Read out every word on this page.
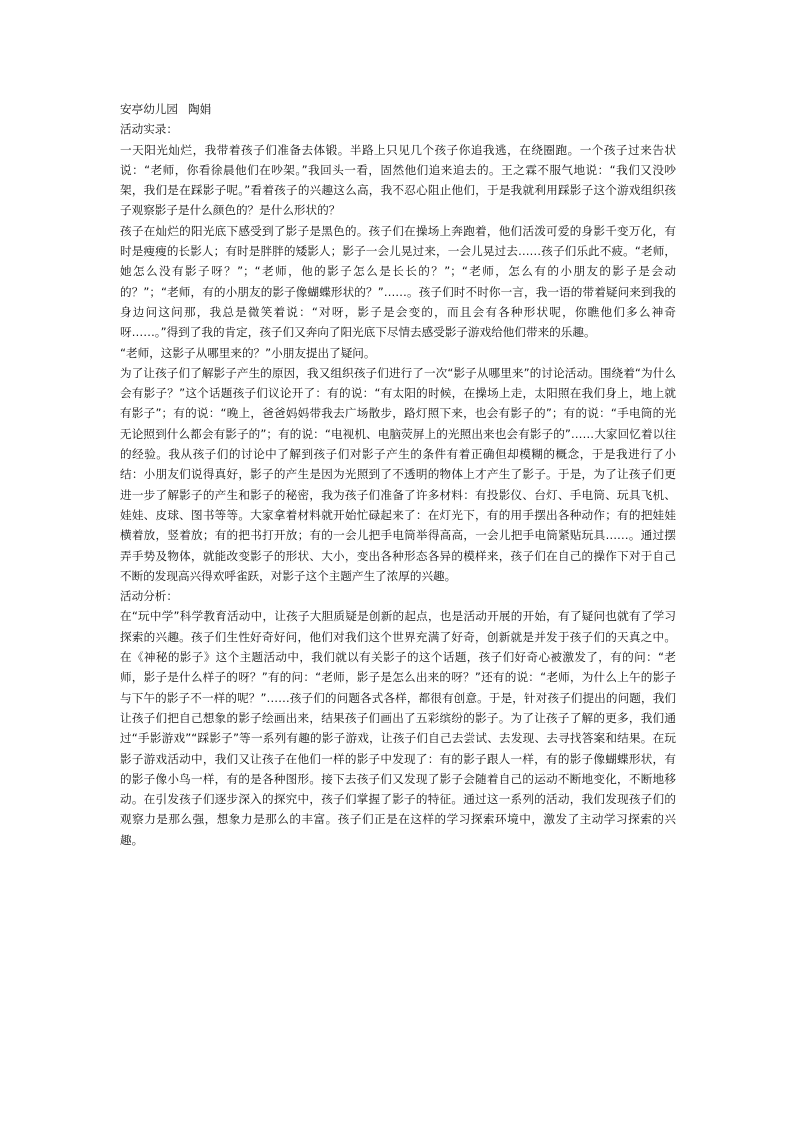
安亭幼儿园 陶娟

活动实录：

一天阳光灿烂，我带着孩子们准备去体锻。半路上只见几个孩子你追我逃，在绕圈跑。一个孩子过来告状说：“老师，你看徐晨他们在吵架。”我回头一看，固然他们追来追去的。王之霖不服气地说：“我们又没吵架，我们是在踩影子呢。”看着孩子的兴趣这么高，我不忍心阻止他们，于是我就利用踩影子这个游戏组织孩子观察影子是什么颜色的？是什么形状的？

孩子在灿烂的阳光底下感受到了影子是黑色的。孩子们在操场上奔跑着，他们活泼可爱的身影千变万化，有时是瘦瘦的长影人；有时是胖胖的矮影人；影子一会儿晃过来，一会儿晃过去……孩子们乐此不疲。“老师，她怎么没有影子呀？”；“老师，他的影子怎么是长长的？”；“老师，怎么有的小朋友的影子是会动的？”；“老师，有的小朋友的影子像蝴蝶形状的？”……。孩子们时不时你一言，我一语的带着疑问来到我的身边问这问那，我总是微笑着说：“对呀，影子是会变的，而且会有各种形状呢，你瞧他们多么神奇呀……。”得到了我的肯定，孩子们又奔向了阳光底下尽情去感受影子游戏给他们带来的乐趣。

“老师，这影子从哪里来的？”小朋友提出了疑问。

为了让孩子们了解影子产生的原因，我又组织孩子们进行了一次“影子从哪里来”的讨论活动。围绕着“为什么会有影子？”这个话题孩子们议论开了：有的说：“有太阳的时候，在操场上走，太阳照在我们身上，地上就有影子”；有的说：“晚上，爸爸妈妈带我去广场散步，路灯照下来，也会有影子的”；有的说：“手电筒的光无论照到什么都会有影子的”；有的说：“电视机、电脑荧屏上的光照出来也会有影子的”……大家回忆着以往的经验。我从孩子们的讨论中了解到孩子们对影子产生的条件有着正确但却模糊的概念，于是我进行了小结：小朋友们说得真好，影子的产生是因为光照到了不透明的物体上才产生了影子。于是，为了让孩子们更进一步了解影子的产生和影子的秘密，我为孩子们准备了许多材料：有投影仪、台灯、手电筒、玩具飞机、娃娃、皮球、图书等等。大家拿着材料就开始忙碌起来了：在灯光下，有的用手摆出各种动作；有的把娃娃横着放，竖着放；有的把书打开放；有的一会儿把手电筒举得高高，一会儿把手电筒紧贴玩具……。通过摆弄手势及物体，就能改变影子的形状、大小，变出各种形态各异的模样来，孩子们在自己的操作下对于自己不断的发现高兴得欢呼雀跃，对影子这个主题产生了浓厚的兴趣。

活动分析：

在“玩中学”科学教育活动中，让孩子大胆质疑是创新的起点，也是活动开展的开始，有了疑问也就有了学习探索的兴趣。孩子们生性好奇好问，他们对我们这个世界充满了好奇，创新就是并发于孩子们的天真之中。在《神秘的影子》这个主题活动中，我们就以有关影子的这个话题，孩子们好奇心被激发了，有的问：“老师，影子是什么样子的呀？”有的问：“老师，影子是怎么出来的呀？”还有的说：“老师，为什么上午的影子与下午的影子不一样的呢？”……孩子们的问题各式各样，都很有创意。于是，针对孩子们提出的问题，我们让孩子们把自己想象的影子绘画出来，结果孩子们画出了五彩缤纷的影子。为了让孩子了解的更多，我们通过“手影游戏”“踩影子”等一系列有趣的影子游戏，让孩子们自己去尝试、去发现、去寻找答案和结果。在玩影子游戏活动中，我们又让孩子在他们一样的影子中发现了：有的影子跟人一样，有的影子像蝴蝶形状，有的影子像小鸟一样，有的是各种图形。接下去孩子们又发现了影子会随着自己的运动不断地变化，不断地移动。在引发孩子们逐步深入的探究中，孩子们掌握了影子的特征。通过这一系列的活动，我们发现孩子们的观察力是那么强，想象力是那么的丰富。孩子们正是在这样的学习探索环境中，激发了主动学习探索的兴趣。
